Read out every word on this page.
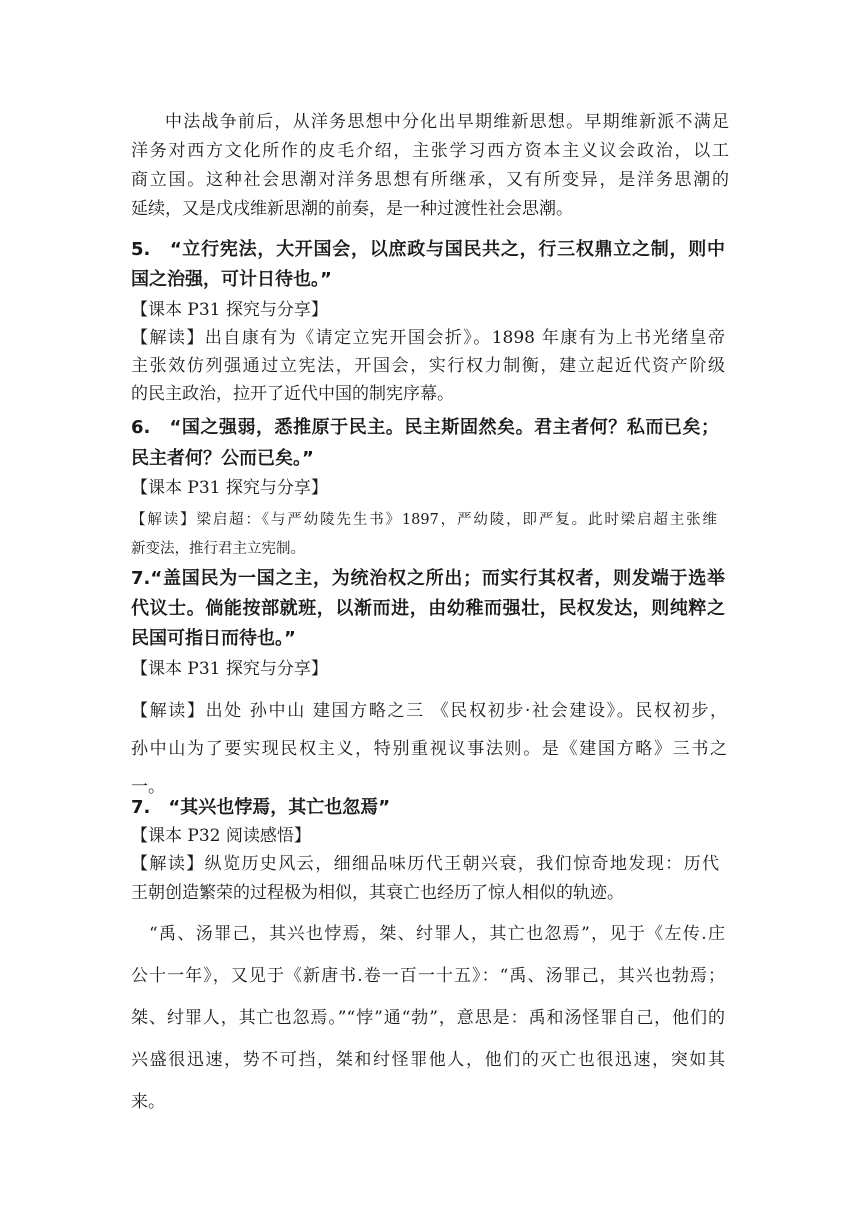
中法战争前后，从洋务思想中分化出早期维新思想。早期维新派不满足
洋务对西方文化所作的皮毛介绍，主张学习西方资本主义议会政治，以工
商立国。这种社会思潮对洋务思想有所继承，又有所变异，是洋务思潮的
延续，又是戊戌维新思潮的前奏，是一种过渡性社会思潮。
5.　“立行宪法，大开国会，以庶政与国民共之，行三权鼎立之制，则中
国之治强，可计日待也。”
【课本 P31 探究与分享】
【解读】出自康有为《请定立宪开国会折》。1898 年康有为上书光绪皇帝
主张效仿列强通过立宪法，开国会，实行权力制衡，建立起近代资产阶级
的民主政治，拉开了近代中国的制宪序幕。
6.　“国之强弱，悉推原于民主。民主斯固然矣。君主者何？私而已矣；
民主者何？公而已矣。”
【课本 P31 探究与分享】
【解读】梁启超：《与严幼陵先生书》1897，严幼陵，即严复。此时梁启超主张维
新变法，推行君主立宪制。
7.“盖国民为一国之主，为统治权之所出；而实行其权者，则发端于选举
代议士。倘能按部就班，以渐而进，由幼稚而强壮，民权发达，则纯粹之
民国可指日而待也。”
【课本 P31 探究与分享】
【解读】出处 孙中山 建国方略之三 《民权初步·社会建设》。民权初步，
孙中山为了要实现民权主义，特别重视议事法则。是《建国方略》三书之
一。
7.　“其兴也悖焉，其亡也忽焉”
【课本 P32 阅读感悟】
【解读】纵览历史风云，细细品味历代王朝兴衰，我们惊奇地发现：历代
王朝创造繁荣的过程极为相似，其衰亡也经历了惊人相似的轨迹。
“禹、汤罪己，其兴也悖焉，桀、纣罪人，其亡也忽焉”，见于《左传.庄
公十一年》，又见于《新唐书.卷一百一十五》：“禹、汤罪己，其兴也勃焉；
桀、纣罪人，其亡也忽焉。”“悖”通“勃”，意思是：禹和汤怪罪自己，他们的
兴盛很迅速，势不可挡，桀和纣怪罪他人，他们的灭亡也很迅速，突如其
来。
